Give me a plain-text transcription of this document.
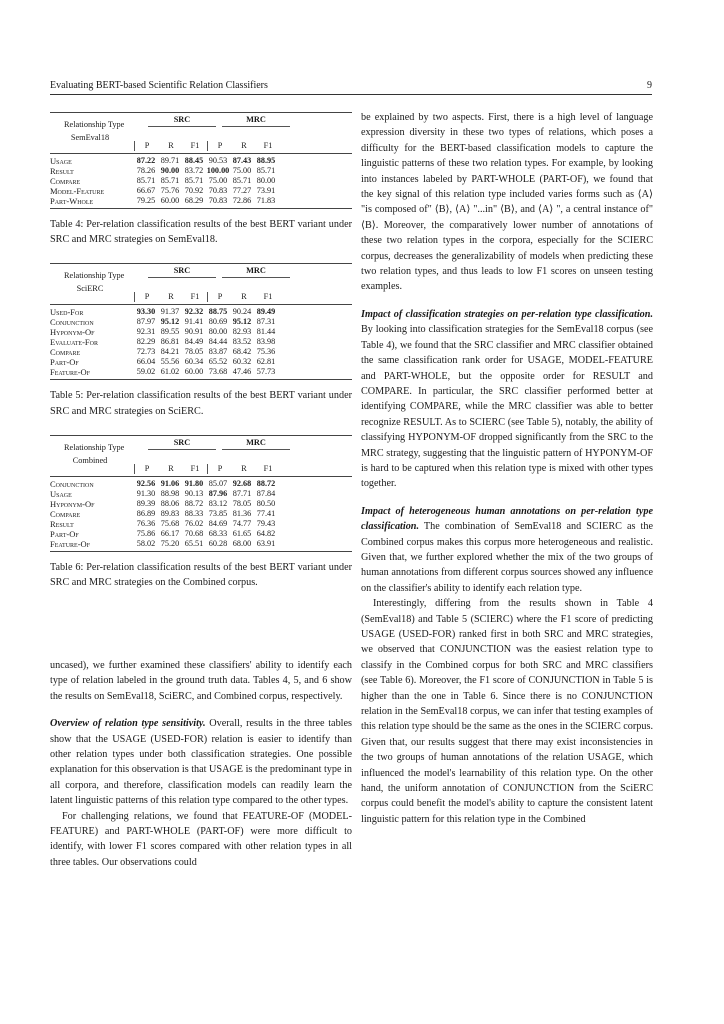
Evaluating BERT-based Scientific Relation Classifiers	9
Relationship Type
SemEval18
SRC	MRC
P	R	F1	P	R	F1
Usage	87.22 89.71 88.45 90.53 87.43 88.95
Result	78.26 90.00 83.72 100.00 75.00 85.71
Compare	85.71 85.71 85.71 75.00 85.71 80.00
Model-Feature	66.67 75.76 70.92 70.83 77.27 73.91
Part-Whole	79.25 60.00 68.29 70.83 72.86 71.83
Table 4: Per-relation classification results of the best BERT variant under SRC and MRC strategies on SemEval18.
Relationship Type
SciERC
SRC	MRC
P	R	F1	P	R	F1
Used-For	93.30 91.37 92.32 88.75 90.24 89.49
Conjunction	87.97 95.12 91.41 80.69 95.12 87.31
Hyponym-Of	92.31 89.55 90.91 80.00 82.93 81.44
Evaluate-For	82.29 86.81 84.49 84.44 83.52 83.98
Compare	72.73 84.21 78.05 83.87 68.42 75.36
Part-Of	66.04 55.56 60.34 65.52 60.32 62.81
Feature-Of	59.02 61.02 60.00 73.68 47.46 57.73
Table 5: Per-relation classification results of the best BERT variant under SRC and MRC strategies on SciERC.
Relationship Type
Combined
SRC	MRC
P	R	F1	P	R	F1
Conjunction	92.56 91.06 91.80 85.07 92.68 88.72
Usage	91.30 88.98 90.13 87.96 87.71 87.84
Hyponym-Of	89.39 88.06 88.72 83.12 78.05 80.50
Compare	86.89 89.83 88.33 73.85 81.36 77.41
Result	76.36 75.68 76.02 84.69 74.77 79.43
Part-Of	75.86 66.17 70.68 68.33 61.65 64.82
Feature-Of	58.02 75.20 65.51 60.28 68.00 63.91
Table 6: Per-relation classification results of the best BERT variant under SRC and MRC strategies on the Combined corpus.

uncased), we further examined these classifiers' ability to identify each type of relation labeled in the ground truth data. Tables 4, 5, and 6 show the results on SemEval18, SciERC, and Combined corpus, respectively.

Overview of relation type sensitivity. Overall, results in the three tables show that the USAGE (USED-FOR) relation is easier to identify than other relation types under both classification strategies. One possible explanation for this observation is that USAGE is the predominant type in all corpora, and therefore, classification models can readily learn the latent linguistic patterns of this relation type compared to the other types.

For challenging relations, we found that FEATURE-OF (MODEL-FEATURE) and PART-WHOLE (PART-OF) were more difficult to identify, with lower F1 scores compared with other relation types in all three tables. Our observations could

be explained by two aspects. First, there is a high level of language expression diversity in these two types of relations, which poses a difficulty for the BERT-based classification models to capture the linguistic patterns of these two relation types. For example, by looking into instances labeled by PART-WHOLE (PART-OF), we found that the key signal of this relation type included varies forms such as ⟨A⟩ "is composed of" ⟨B⟩, ⟨A⟩ "...in" ⟨B⟩, and ⟨A⟩ ", a central instance of" ⟨B⟩. Moreover, the comparatively lower number of annotations of these two relation types in the corpora, especially for the SCIERC corpus, decreases the generalizability of models when predicting these two relation types, and thus leads to low F1 scores on unseen testing examples.

Impact of classification strategies on per-relation type classification. By looking into classification strategies for the SemEval18 corpus (see Table 4), we found that the SRC classifier and MRC classifier obtained the same classification rank order for USAGE, MODEL-FEATURE and PART-WHOLE, but the opposite order for RESULT and COMPARE. In particular, the SRC classifier performed better at identifying COMPARE, while the MRC classifier was able to better recognize RESULT. As to SCIERC (see Table 5), notably, the ability of classifying HYPONYM-OF dropped significantly from the SRC to the MRC strategy, suggesting that the linguistic pattern of HYPONYM-OF is hard to be captured when this relation type is mixed with other types together.

Impact of heterogeneous human annotations on per-relation type classification. The combination of SemEval18 and SCIERC as the Combined corpus makes this corpus more heterogeneous and realistic. Given that, we further explored whether the mix of the two groups of human annotations from different corpus sources showed any influence on the classifier's ability to identify each relation type.

Interestingly, differing from the results shown in Table 4 (SemEval18) and Table 5 (SCIERC) where the F1 score of predicting USAGE (USED-FOR) ranked first in both SRC and MRC strategies, we observed that CONJUNCTION was the easiest relation type to classify in the Combined corpus for both SRC and MRC classifiers (see Table 6). Moreover, the F1 score of CONJUNCTION in Table 5 is higher than the one in Table 6. Since there is no CONJUNCTION relation in the SemEval18 corpus, we can infer that testing examples of this relation type should be the same as the ones in the SCIERC corpus. Given that, our results suggest that there may exist inconsistencies in the two groups of human annotations of the relation USAGE, which influenced the model's learnability of this relation type. On the other hand, the uniform annotation of CONJUNCTION from the SciERC corpus could benefit the model's ability to capture the consistent latent linguistic pattern for this relation type in the Combined
